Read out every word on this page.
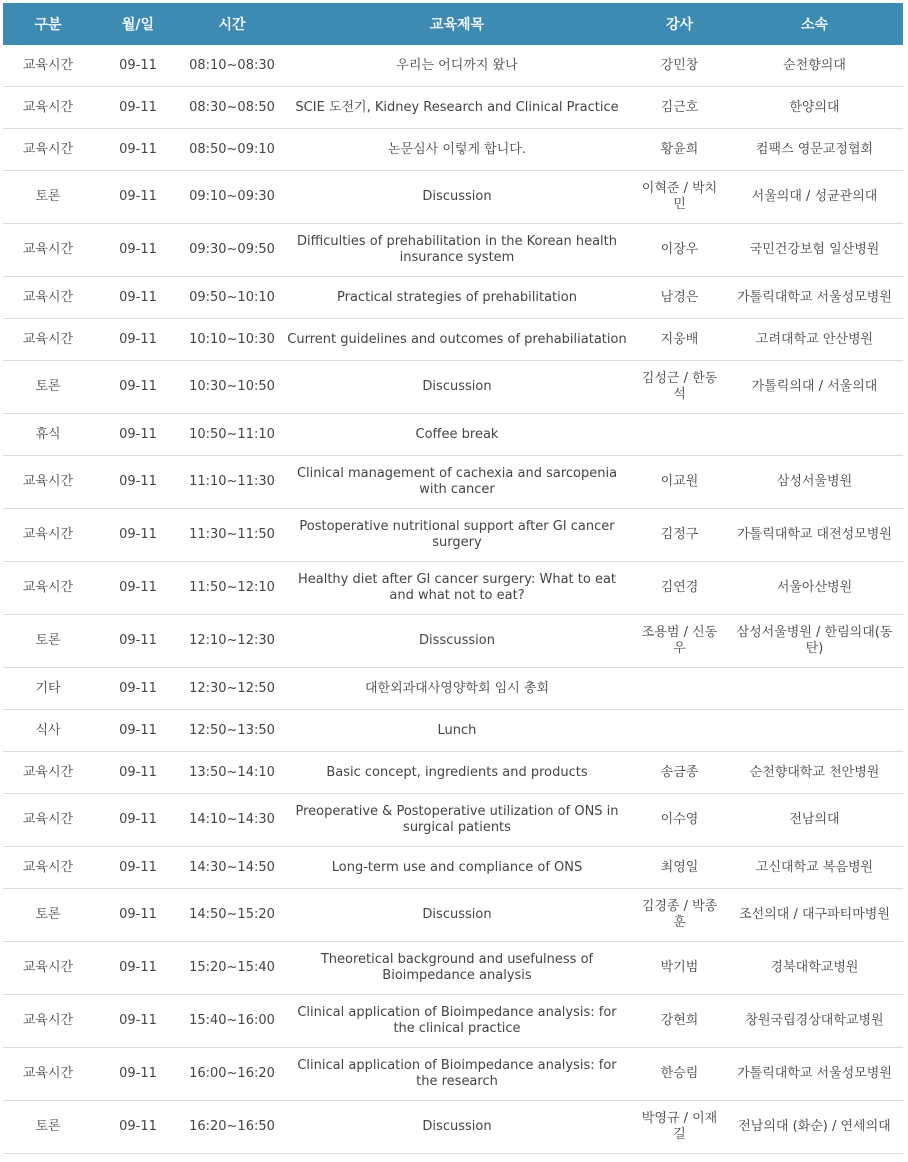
구분	월/일	시간	교육제목	강사	소속
교육시간	09-11	08:10~08:30	우리는 어디까지 왔나	강민창	순천향의대
교육시간	09-11	08:30~08:50	SCIE 도전기, Kidney Research and Clinical Practice	김근호	한양의대
교육시간	09-11	08:50~09:10	논문심사 이렇게 합니다.	황윤희	컴팩스 영문교정협회
토론	09-11	09:10~09:30	Discussion	이혁준 / 박치민	서울의대 / 성균관의대
교육시간	09-11	09:30~09:50	Difficulties of prehabilitation in the Korean health insurance system	이장우	국민건강보험 일산병원
교육시간	09-11	09:50~10:10	Practical strategies of prehabilitation	남경은	가톨릭대학교 서울성모병원
교육시간	09-11	10:10~10:30	Current guidelines and outcomes of prehabiliatation	지웅배	고려대학교 안산병원
토론	09-11	10:30~10:50	Discussion	김성근 / 한동석	가톨릭의대 / 서울의대
휴식	09-11	10:50~11:10	Coffee break		
교육시간	09-11	11:10~11:30	Clinical management of cachexia and sarcopenia with cancer	이교원	삼성서울병원
교육시간	09-11	11:30~11:50	Postoperative nutritional support after GI cancer surgery	김정구	가톨릭대학교 대전성모병원
교육시간	09-11	11:50~12:10	Healthy diet after GI cancer surgery: What to eat and what not to eat?	김연경	서울아산병원
토론	09-11	12:10~12:30	Disscussion	조용범 / 신동우	삼성서울병원 / 한림의대(동탄)
기타	09-11	12:30~12:50	대한외과대사영양학회 임시 총회		
식사	09-11	12:50~13:50	Lunch		
교육시간	09-11	13:50~14:10	Basic concept, ingredients and products	송금종	순천향대학교 천안병원
교육시간	09-11	14:10~14:30	Preoperative & Postoperative utilization of ONS in surgical patients	이수영	전남의대
교육시간	09-11	14:30~14:50	Long-term use and compliance of ONS	최영일	고신대학교 복음병원
토론	09-11	14:50~15:20	Discussion	김경종 / 박종훈	조선의대 / 대구파티마병원
교육시간	09-11	15:20~15:40	Theoretical background and usefulness of Bioimpedance analysis	박기범	경북대학교병원
교육시간	09-11	15:40~16:00	Clinical application of Bioimpedance analysis: for the clinical practice	강현희	창원국립경상대학교병원
교육시간	09-11	16:00~16:20	Clinical application of Bioimpedance analysis: for the research	한승림	가톨릭대학교 서울성모병원
토론	09-11	16:20~16:50	Discussion	박영규 / 이재길	전남의대 (화순) / 연세의대
